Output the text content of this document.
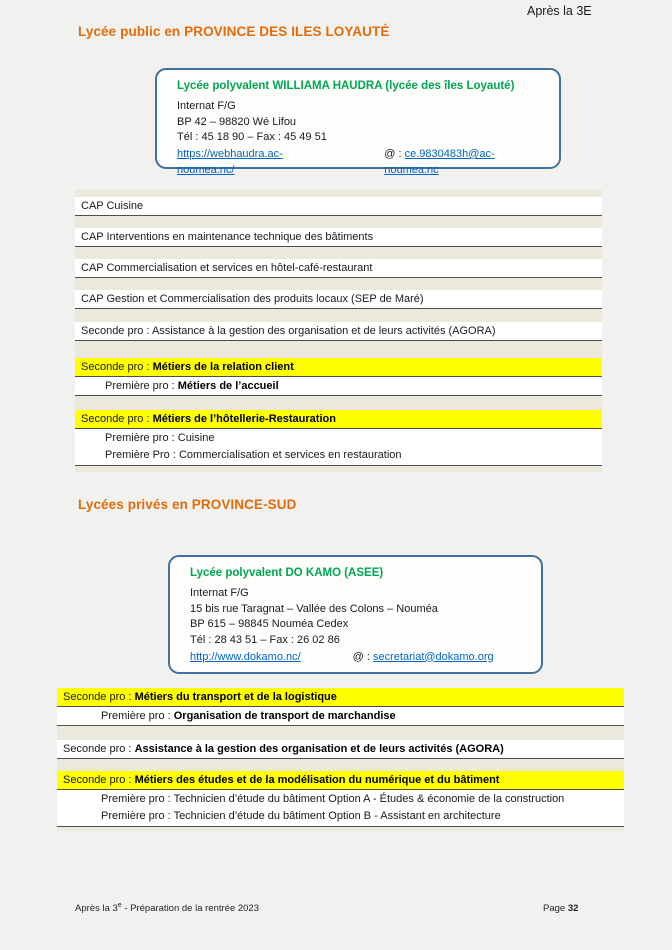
Après la 3E
Lycée public en PROVINCE DES ILES LOYAUTÉ
Lycée polyvalent WILLIAMA HAUDRA (lycée des îles Loyauté)
Internat F/G
BP 42 – 98820 Wé Lifou
Tél : 45 18 90 – Fax : 45 49 51
https://webhaudra.ac-noumea.nc/
@ : ce.9830483h@ac-noumea.nc
CAP Cuisine
CAP Interventions en maintenance technique des bâtiments
CAP Commercialisation et services en hôtel-café-restaurant
CAP Gestion et Commercialisation des produits locaux (SEP de Maré)
Seconde pro : Assistance à la gestion des organisation et de leurs activités (AGORA)
Seconde pro : Métiers de la relation client
Première pro : Métiers de l’accueil
Seconde pro : Métiers de l’hôtellerie-Restauration
Première pro : Cuisine
Première Pro : Commercialisation et services en restauration
Lycées privés en PROVINCE-SUD
Lycée polyvalent DO KAMO (ASEE)
Internat F/G
15 bis rue Taragnat – Vallée des Colons – Nouméa
BP 615 – 98845 Nouméa Cedex
Tél : 28 43 51 – Fax : 26 02 86
http://www.dokamo.nc/	@ : secretariat@dokamo.org
Seconde pro : Métiers du transport et de la logistique
Première pro : Organisation de transport de marchandise
Seconde pro : Assistance à la gestion des organisation et de leurs activités (AGORA)
Seconde pro : Métiers des études et de la modélisation du numérique et du bâtiment
Première pro : Technicien d’étude du bâtiment Option A - Études & économie de la construction
Première pro : Technicien d’étude du bâtiment Option B - Assistant en architecture
Après la 3e - Préparation de la rentrée 2023	Page 32
